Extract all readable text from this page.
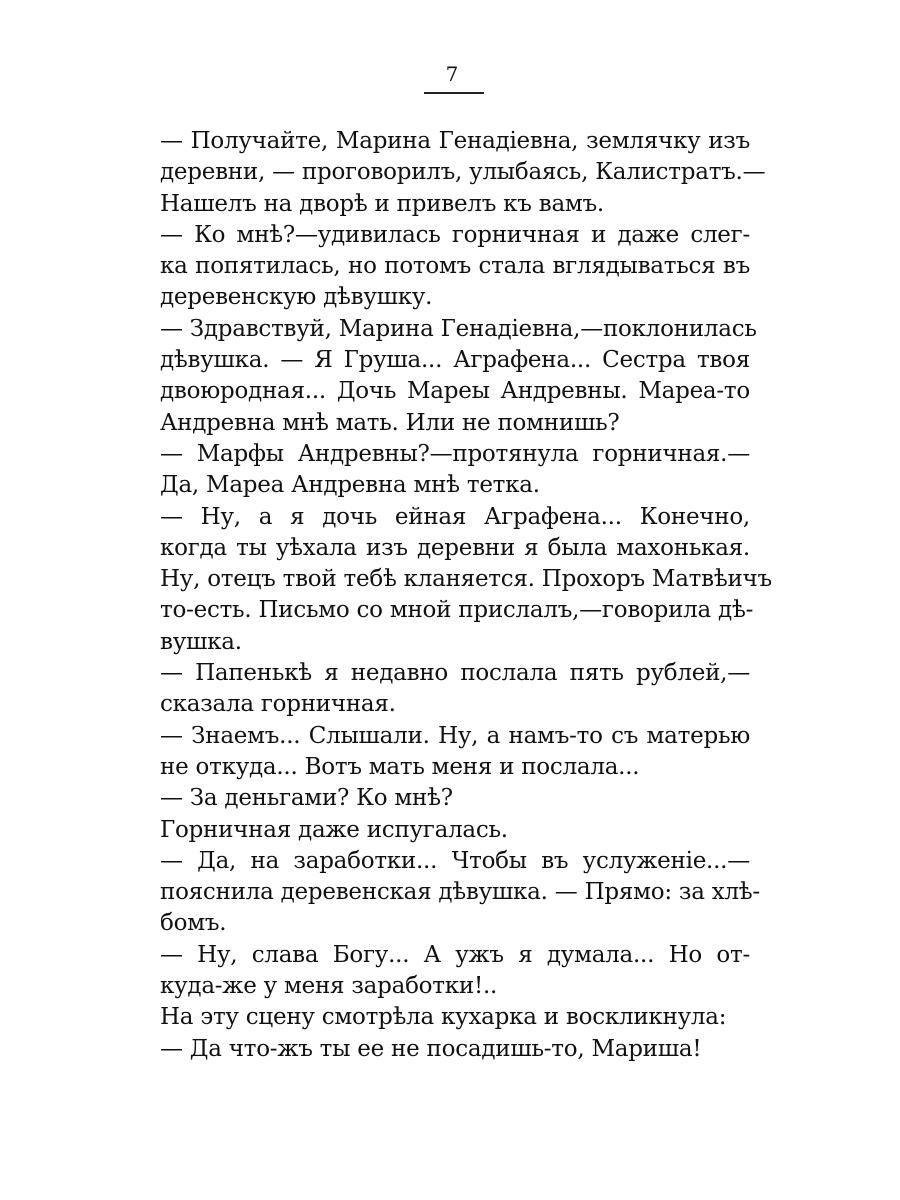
7
— Получайте, Марина Генадіевна, землячку изъ
деревни, — проговорилъ, улыбаясь, Калистратъ.—
Нашелъ на дворѣ и привелъ къ вамъ.
— Ко мнѣ?—удивилась горничная и даже слег-
ка попятилась, но потомъ стала вглядываться въ
деревенскую дѣвушку.
— Здравствуй, Марина Генадіевна,—поклонилась
дѣвушка. — Я Груша... Аграфена... Сестра твоя
двоюродная... Дочь Мареы Андревны. Мареа-то
Андревна мнѣ мать. Или не помнишь?
— Марфы Андревны?—протянула горничная.—
Да, Мареа Андревна мнѣ тетка.
— Ну, а я дочь ейная Аграфена... Конечно,
когда ты уѣхала изъ деревни я была махонькая.
Ну, отецъ твой тебѣ кланяется. Прохоръ Матвѣичъ
то-есть. Письмо со мной прислалъ,—говорила дѣ-
вушка.
— Папенькѣ я недавно послала пять рублей,—
сказала горничная.
— Знаемъ... Слышали. Ну, а намъ-то съ матерью
не откуда... Вотъ мать меня и послала...
— За деньгами? Ко мнѣ?
Горничная даже испугалась.
— Да, на заработки... Чтобы въ услуженіе...—
пояснила деревенская дѣвушка. — Прямо: за хлѣ-
бомъ.
— Ну, слава Богу... А ужъ я думала... Но от-
куда-же у меня заработки!..
На эту сцену смотрѣла кухарка и воскликнула:
— Да что-жъ ты ее не посадишь-то, Мариша!
